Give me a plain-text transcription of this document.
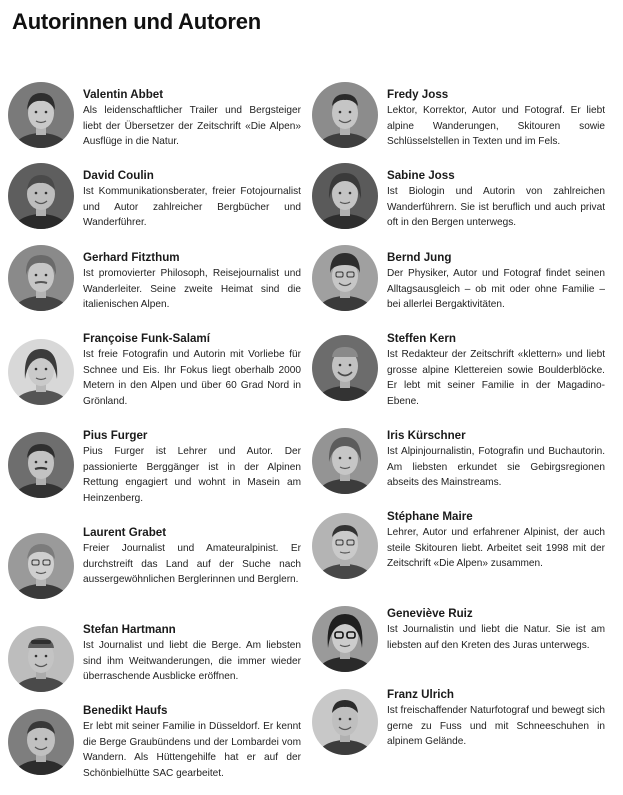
Autorinnen und Autoren
Valentin Abbet
Als leidenschaftlicher Trailer und Bergsteiger liebt der Übersetzer der Zeitschrift «Die Alpen» Ausflüge in die Natur.
David Coulin
Ist Kommunikationsberater, freier Fotojournalist und Autor zahlreicher Bergbücher und Wanderführer.
Gerhard Fitzthum
Ist promovierter Philosoph, Reisejournalist und Wanderleiter. Seine zweite Heimat sind die italienischen Alpen.
Françoise Funk-Salamí
Ist freie Fotografin und Autorin mit Vorliebe für Schnee und Eis. Ihr Fokus liegt oberhalb 2000 Metern in den Alpen und über 60 Grad Nord in Grönland.
Pius Furger
Pius Furger ist Lehrer und Autor. Der passionierte Berggänger ist in der Alpinen Rettung engagiert und wohnt in Masein am Heinzenberg.
Laurent Grabet
Freier Journalist und Amateuralpinist. Er durchstreift das Land auf der Suche nach aussergewöhnlichen Berglerinnen und Berglern.
Stefan Hartmann
Ist Journalist und liebt die Berge. Am liebsten sind ihm Weitwanderungen, die immer wieder überraschende Ausblicke eröffnen.
Benedikt Haufs
Er lebt mit seiner Familie in Düsseldorf. Er kennt die Berge Graubündens und der Lombardei vom Wandern. Als Hüttengehilfe hat er auf der Schönbielhütte SAC gearbeitet.
Fredy Joss
Lektor, Korrektor, Autor und Fotograf. Er liebt alpine Wanderungen, Skitouren sowie Schlüsselstellen in Texten und im Fels.
Sabine Joss
Ist Biologin und Autorin von zahlreichen Wanderführern. Sie ist beruflich und auch privat oft in den Bergen unterwegs.
Bernd Jung
Der Physiker, Autor und Fotograf findet seinen Alltagsausgleich – ob mit oder ohne Familie – bei allerlei Bergaktivitäten.
Steffen Kern
Ist Redakteur der Zeitschrift «klettern» und liebt grosse alpine Klettereien sowie Boulderblöcke. Er lebt mit seiner Familie in der Magadino-Ebene.
Iris Kürschner
Ist Alpinjournalistin, Fotografin und Buchautorin. Am liebsten erkundet sie Gebirgsregionen abseits des Mainstreams.
Stéphane Maire
Lehrer, Autor und erfahrener Alpinist, der auch steile Skitouren liebt. Arbeitet seit 1998 mit der Zeitschrift «Die Alpen» zusammen.
Geneviève Ruiz
Ist Journalistin und liebt die Natur. Sie ist am liebsten auf den Kreten des Juras unterwegs.
Franz Ulrich
Ist freischaffender Naturfotograf und bewegt sich gerne zu Fuss und mit Schneeschuhen in alpinem Gelände.
